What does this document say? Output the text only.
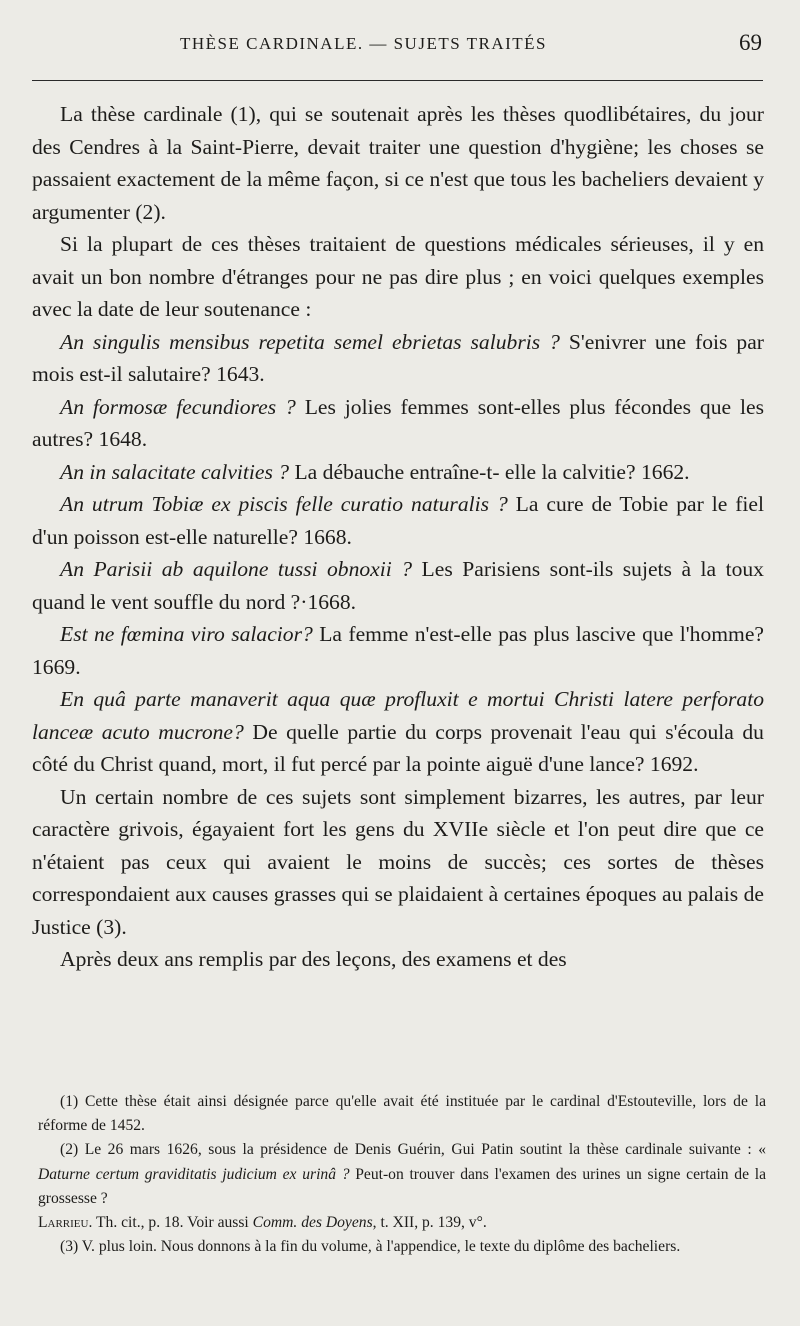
THÈSE CARDINALE. — SUJETS TRAITÉS	69

La thèse cardinale (1), qui se soutenait après les thèses quodlibétaires, du jour des Cendres à la Saint-Pierre, devait traiter une question d'hygiène; les choses se passaient exactement de la même façon, si ce n'est que tous les bacheliers devaient y argumenter (2).

Si la plupart de ces thèses traitaient de questions médicales sérieuses, il y en avait un bon nombre d'étranges pour ne pas dire plus ; en voici quelques exemples avec la date de leur soutenance :

An singulis mensibus repetita semel ebrietas salubris ? S'enivrer une fois par mois est-il salutaire? 1643.

An formosæ fecundiores ? Les jolies femmes sont-elles plus fécondes que les autres? 1648.

An in salacitate calvities ? La débauche entraîne-t- elle la calvitie? 1662.

An utrum Tobiæ ex piscis felle curatio naturalis ? La cure de Tobie par le fiel d'un poisson est-elle naturelle? 1668.

An Parisii ab aquilone tussi obnoxii ? Les Parisiens sont-ils sujets à la toux quand le vent souffle du nord ?·1668.

Est ne fœmina viro salacior? La femme n'est-elle pas plus lascive que l'homme? 1669.

En quâ parte manaverit aqua quæ profluxit e mortui Christi latere perforato lanceæ acuto mucrone? De quelle partie du corps provenait l'eau qui s'écoula du côté du Christ quand, mort, il fut percé par la pointe aiguë d'une lance? 1692.

Un certain nombre de ces sujets sont simplement bizarres, les autres, par leur caractère grivois, égayaient fort les gens du XVIIe siècle et l'on peut dire que ce n'étaient pas ceux qui avaient le moins de succès; ces sortes de thèses correspondaient aux causes grasses qui se plaidaient à certaines époques au palais de Justice (3).

Après deux ans remplis par des leçons, des examens et des

(1) Cette thèse était ainsi désignée parce qu'elle avait été instituée par le cardinal d'Estouteville, lors de la réforme de 1452.

(2) Le 26 mars 1626, sous la présidence de Denis Guérin, Gui Patin soutint la thèse cardinale suivante : « Daturne certum graviditatis judicium ex urinâ ? Peut-on trouver dans l'examen des urines un signe certain de la grossesse ?

Larrieu. Th. cit., p. 18. Voir aussi Comm. des Doyens, t. XII, p. 139, v°.

(3) V. plus loin. Nous donnons à la fin du volume, à l'appendice, le texte du diplôme des bacheliers.
